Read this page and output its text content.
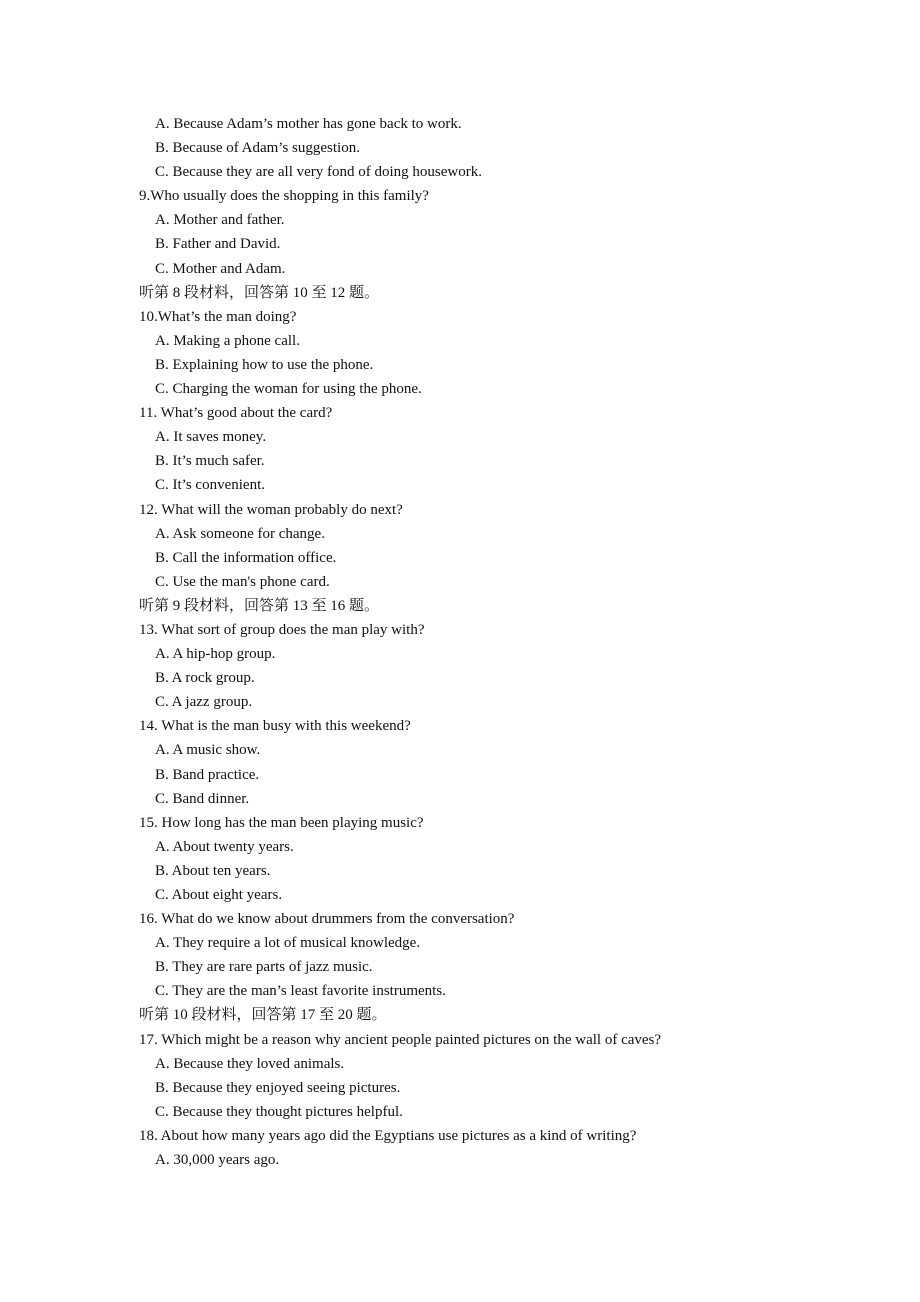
A. Because Adam’s mother has gone back to work.
B. Because of Adam’s suggestion.
C. Because they are all very fond of doing housework.
9.Who usually does the shopping in this family?
A. Mother and father.
B. Father and David.
C. Mother and Adam.
听第 8 段材料，回答第 10 至 12 题。
10.What’s the man doing?
A. Making a phone call.
B. Explaining how to use the phone.
C. Charging the woman for using the phone.
11. What’s good about the card?
A. It saves money.
B. It’s much safer.
C. It’s convenient.
12. What will the woman probably do next?
A. Ask someone for change.
B. Call the information office.
C. Use the man's phone card.
听第 9 段材料，回答第 13 至 16 题。
13. What sort of group does the man play with?
A. A hip-hop group.
B. A rock group.
C. A jazz group.
14. What is the man busy with this weekend?
A. A music show.
B. Band practice.
C. Band dinner.
15. How long has the man been playing music?
A. About twenty years.
B. About ten years.
C. About eight years.
16. What do we know about drummers from the conversation?
A. They require a lot of musical knowledge.
B. They are rare parts of jazz music.
C. They are the man’s least favorite instruments.
听第 10 段材料，回答第 17 至 20 题。
17. Which might be a reason why ancient people painted pictures on the wall of caves?
A. Because they loved animals.
B. Because they enjoyed seeing pictures.
C. Because they thought pictures helpful.
18. About how many years ago did the Egyptians use pictures as a kind of writing?
A. 30,000 years ago.
